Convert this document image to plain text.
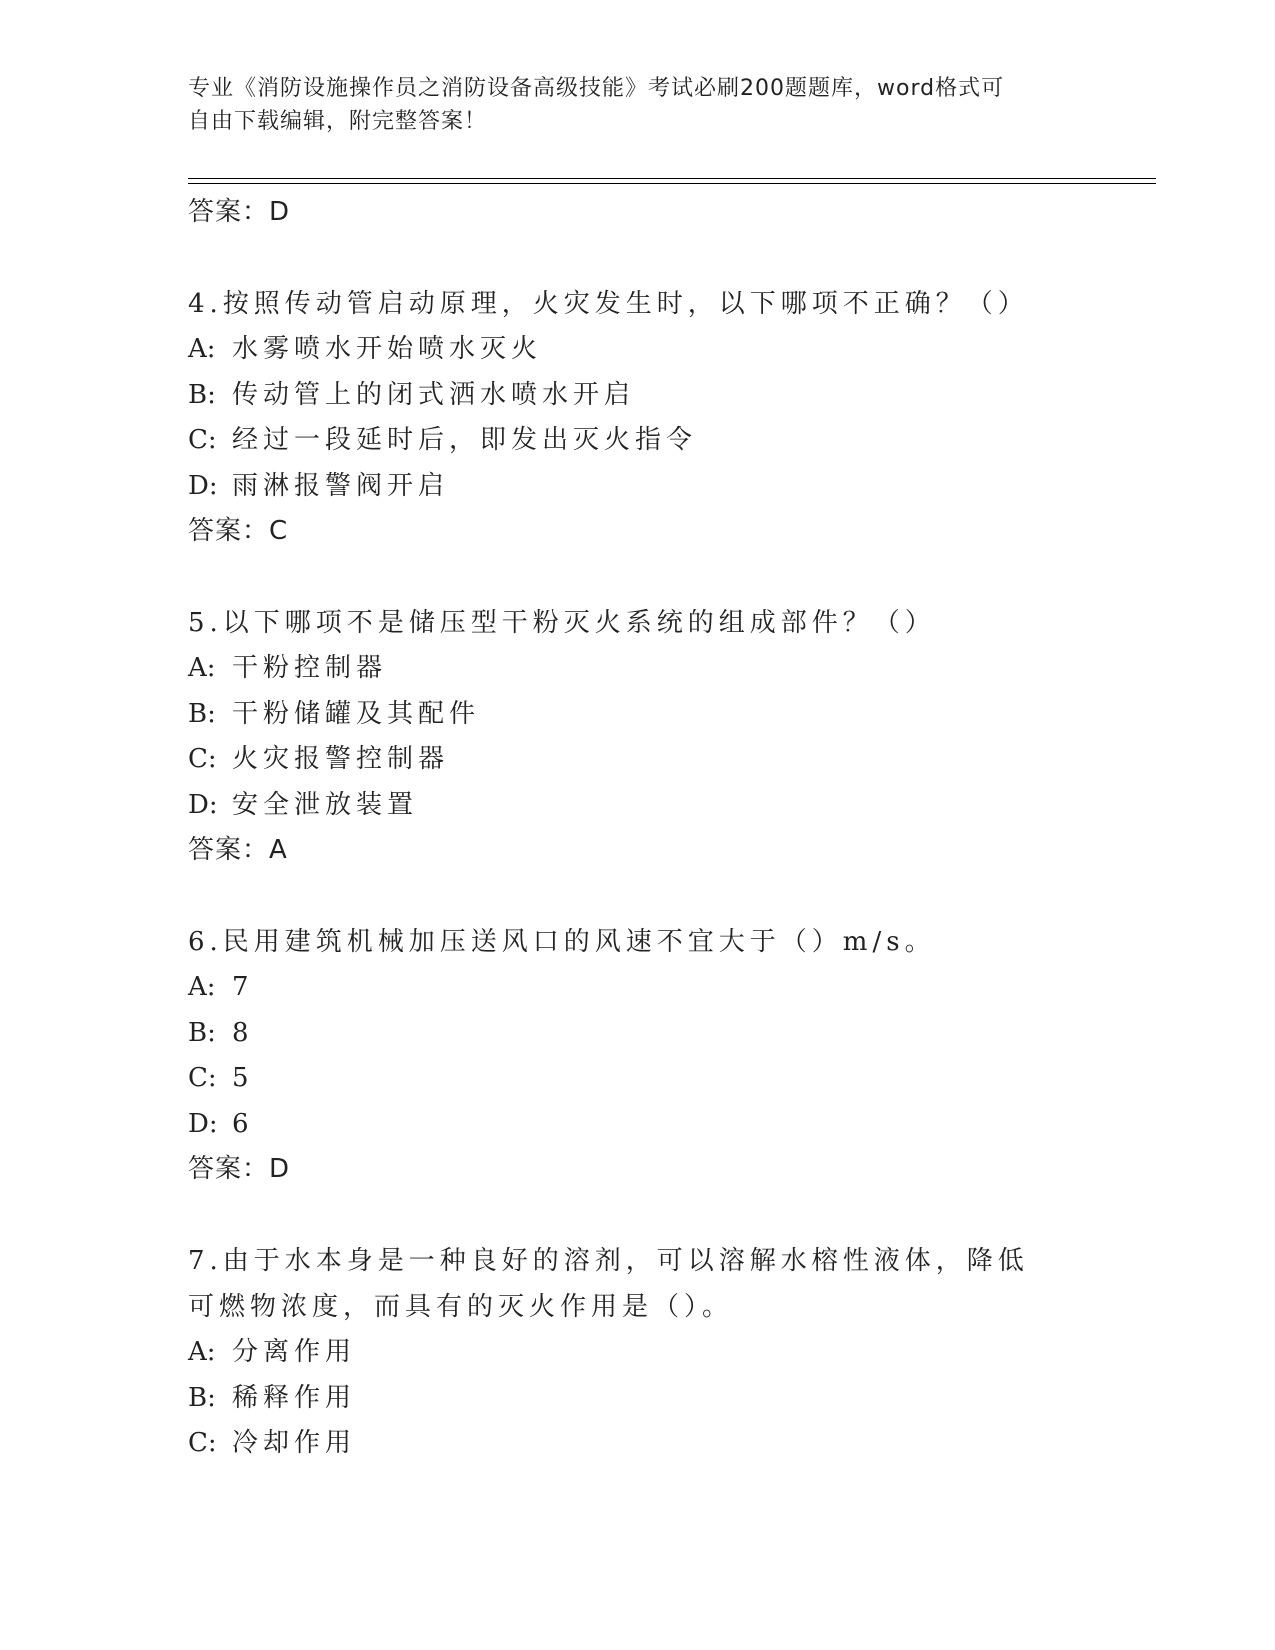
专业《消防设施操作员之消防设备高级技能》考试必刷200题题库，word格式可
自由下载编辑，附完整答案！
答案：D
4.按照传动管启动原理，火灾发生时，以下哪项不正确？（）
A: 水雾喷水开始喷水灭火
B: 传动管上的闭式洒水喷水开启
C: 经过一段延时后，即发出灭火指令
D: 雨淋报警阀开启
答案：C
5.以下哪项不是储压型干粉灭火系统的组成部件？（）
A: 干粉控制器
B: 干粉储罐及其配件
C: 火灾报警控制器
D: 安全泄放装置
答案：A
6.民用建筑机械加压送风口的风速不宜大于（）m/s。
A: 7
B: 8
C: 5
D: 6
答案：D
7.由于水本身是一种良好的溶剂，可以溶解水榕性液体，降低可燃物浓度，而具有的灭火作用是（）。
A: 分离作用
B: 稀释作用
C: 冷却作用
